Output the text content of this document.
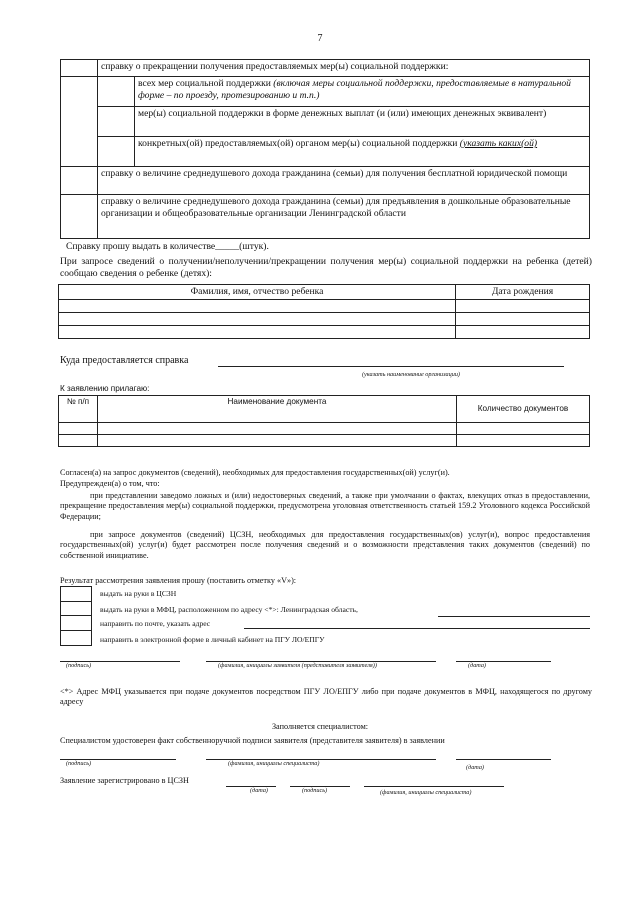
7
	справку о прекращении получения предоставляемых мер(ы) социальной поддержки:	
		всех мер социальной поддержки (включая меры социальной поддержки, предоставляемые в натуральной форме – по проезду, протезированию и т.п.)
		мер(ы) социальной поддержки в форме денежных выплат (и (или) имеющих денежных эквивалент)
		конкретных(ой) предоставляемых(ой) органом мер(ы) социальной поддержки (указать каких(ой)
	справку о величине среднедушевого дохода гражданина (семьи) для получения бесплатной юридической помощи	
	справку о величине среднедушевого дохода гражданина (семьи) для предъявления в дошкольные образовательные организации и общеобразовательные организации Ленинградской области	
Справку прошу выдать в количестве_____(штук).
При запросе сведений о получении/неполучении/прекращении получения мер(ы) социальной поддержки на ребенка (детей) сообщаю сведения о ребенке (детях):
Фамилия, имя, отчество ребенка	Дата рождения

Куда предоставляется справка
(указать наименование организации)
К заявлению прилагаю:
№ п/п	Наименование документа	Количество документов

Согласен(а) на запрос документов (сведений), необходимых для предоставления государственных(ой) услуг(и).
Предупрежден(а) о том, что:
при представлении заведомо ложных и (или) недостоверных сведений, а также при умолчании о фактах, влекущих отказ в предоставлении, прекращение предоставления мер(ы) социальной поддержки, предусмотрена уголовная ответственность статьей 159.2 Уголовного кодекса Российской Федерации;
при запросе документов (сведений) ЦСЗН, необходимых для предоставления государственных(ов) услуг(и), вопрос предоставления государственных(ой) услуг(и) будет рассмотрен после получения сведений и о возможности представления таких документов (сведений) по собственной инициативе.
Результат рассмотрения заявления прошу (поставить отметку «V»):
выдать на руки в ЦСЗН
выдать на руки в МФЦ, расположенном по адресу <*>: Ленинградская область,
направить по почте, указать адрес
направить в электронной форме в личный кабинет на ПГУ ЛО/ЕПГУ
(подпись)	(фамилия, инициалы заявителя (представителя заявителя))	(дата)
<*> Адрес МФЦ указывается при подаче документов посредством ПГУ ЛО/ЕПГУ либо при подаче документов в МФЦ, находящегося по другому адресу
Заполняется специалистом:
Специалистом удостоверен факт собственноручной подписи заявителя (представителя заявителя) в заявлении
(подпись)	(фамилия, инициалы специалиста)
(дата)
Заявление зарегистрировано в ЦСЗН
(дата)	(подпись)	(фамилия, инициалы специалиста)
